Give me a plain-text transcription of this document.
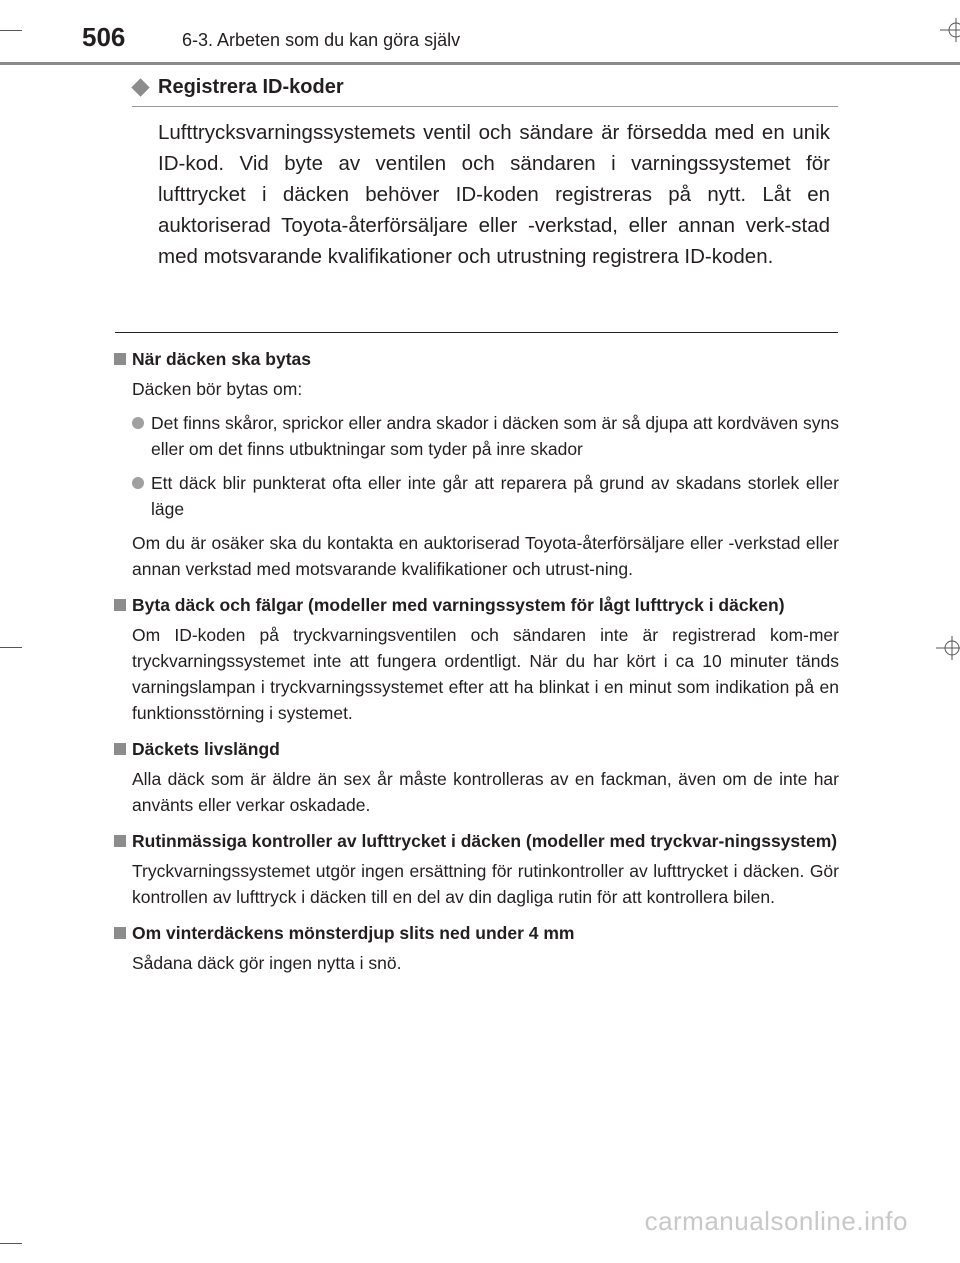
506	6-3. Arbeten som du kan göra själv
Registrera ID-koder

Lufttrycksvarningssystemets ventil och sändare är försedda med en unik ID-kod. Vid byte av ventilen och sändaren i varningssystemet för lufttrycket i däcken behöver ID-koden registreras på nytt. Låt en auktoriserad Toyota-återförsäljare eller -verkstad, eller annan verk-stad med motsvarande kvalifikationer och utrustning registrera ID-koden.

När däcken ska bytas

Däcken bör bytas om:

Det finns skåror, sprickor eller andra skador i däcken som är så djupa att kordväven syns eller om det finns utbuktningar som tyder på inre skador
Ett däck blir punkterat ofta eller inte går att reparera på grund av skadans storlek eller läge

Om du är osäker ska du kontakta en auktoriserad Toyota-återförsäljare eller -verkstad eller annan verkstad med motsvarande kvalifikationer och utrust-ning.

Byta däck och fälgar (modeller med varningssystem för lågt lufttryck i däcken)

Om ID-koden på tryckvarningsventilen och sändaren inte är registrerad kom-mer tryckvarningssystemet inte att fungera ordentligt. När du har kört i ca 10 minuter tänds varningslampan i tryckvarningssystemet efter att ha blinkat i en minut som indikation på en funktionsstörning i systemet.

Däckets livslängd

Alla däck som är äldre än sex år måste kontrolleras av en fackman, även om de inte har använts eller verkar oskadade.

Rutinmässiga kontroller av lufttrycket i däcken (modeller med tryckvar-ningssystem)

Tryckvarningssystemet utgör ingen ersättning för rutinkontroller av lufttrycket i däcken. Gör kontrollen av lufttryck i däcken till en del av din dagliga rutin för att kontrollera bilen.

Om vinterdäckens mönsterdjup slits ned under 4 mm

Sådana däck gör ingen nytta i snö.

carmanualsonline.info
